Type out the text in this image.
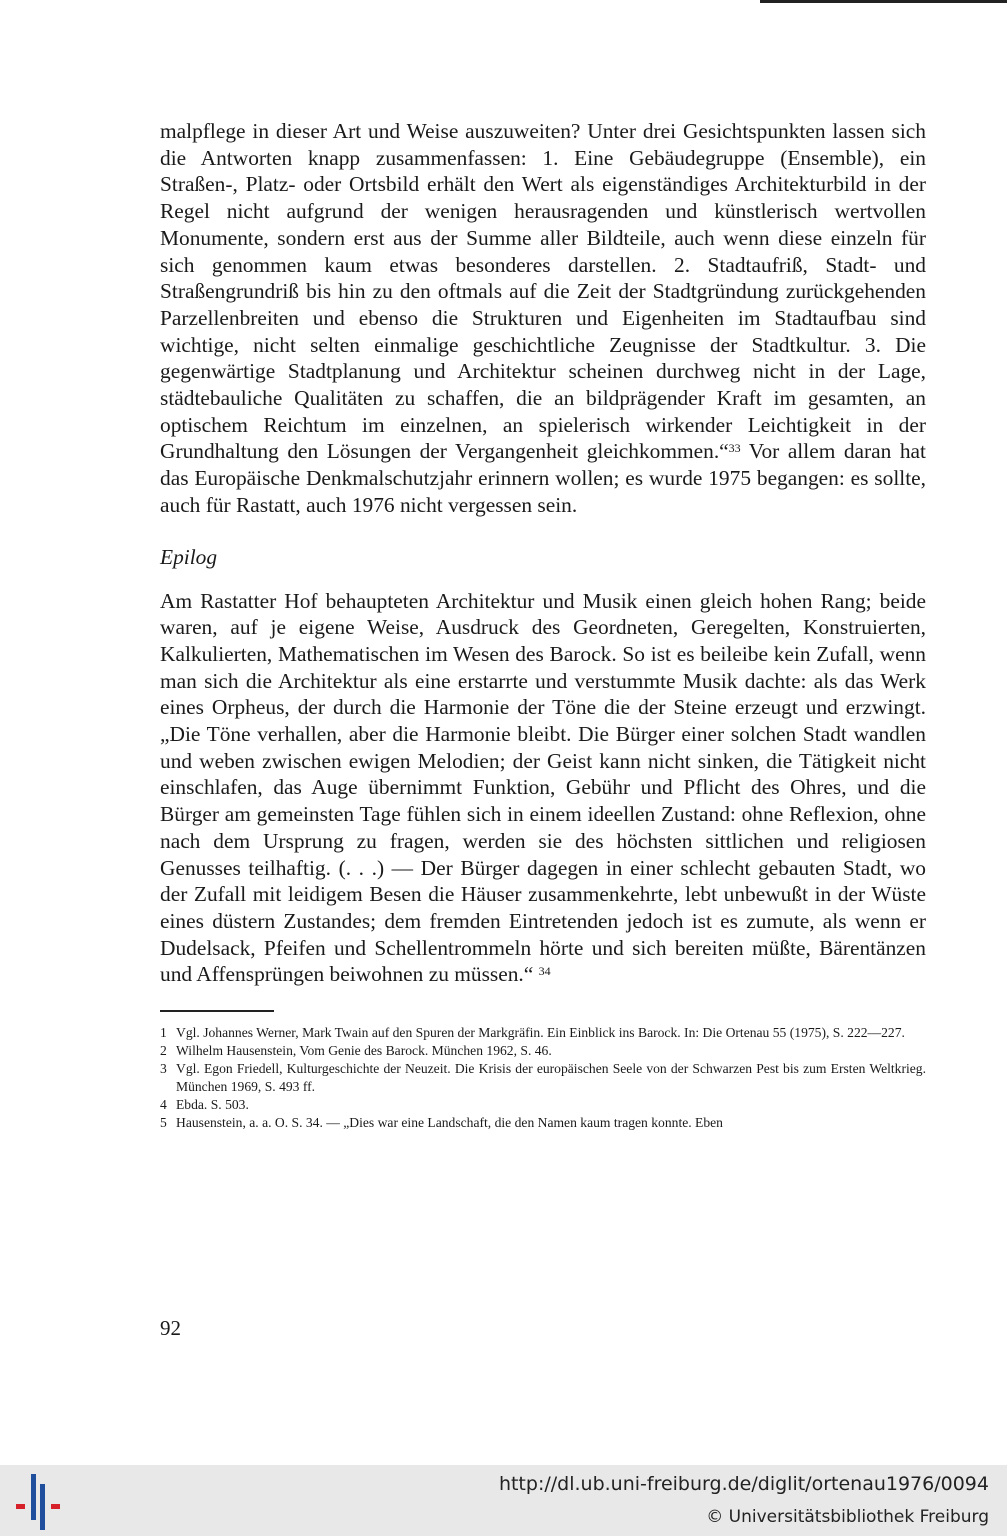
malpflege in dieser Art und Weise auszuweiten? Unter drei Gesichtspunkten lassen sich die Antworten knapp zusammenfassen: 1. Eine Gebäudegruppe (Ensemble), ein Straßen-, Platz- oder Ortsbild erhält den Wert als eigenständiges Architekturbild in der Regel nicht aufgrund der wenigen herausragenden und künstlerisch wertvollen Monumente, sondern erst aus der Summe aller Bildteile, auch wenn diese einzeln für sich genommen kaum etwas besonderes darstellen. 2. Stadtaufriß, Stadt- und Straßengrundriß bis hin zu den oftmals auf die Zeit der Stadtgründung zurückgehenden Parzellenbreiten und ebenso die Strukturen und Eigenheiten im Stadtaufbau sind wichtige, nicht selten einmalige geschichtliche Zeugnisse der Stadtkultur. 3. Die gegenwärtige Stadtplanung und Architektur scheinen durchweg nicht in der Lage, städtebauliche Qualitäten zu schaffen, die an bildprägender Kraft im gesamten, an optischem Reichtum im einzelnen, an spielerisch wirkender Leichtigkeit in der Grundhaltung den Lösungen der Vergangenheit gleichkommen.“$^{33}$ Vor allem daran hat das Europäische Denkmalschutzjahr erinnern wollen; es wurde 1975 begangen: es sollte, auch für Rastatt, auch 1976 nicht vergessen sein.

Epilog

Am Rastatter Hof behaupteten Architektur und Musik einen gleich hohen Rang; beide waren, auf je eigene Weise, Ausdruck des Geordneten, Geregelten, Konstruierten, Kalkulierten, Mathematischen im Wesen des Barock. So ist es beileibe kein Zufall, wenn man sich die Architektur als eine erstarrte und verstummte Musik dachte: als das Werk eines Orpheus, der durch die Harmonie der Töne die der Steine erzeugt und erzwingt. „Die Töne verhallen, aber die Harmonie bleibt. Die Bürger einer solchen Stadt wandlen und weben zwischen ewigen Melodien; der Geist kann nicht sinken, die Tätigkeit nicht einschlafen, das Auge übernimmt Funktion, Gebühr und Pflicht des Ohres, und die Bürger am gemeinsten Tage fühlen sich in einem ideellen Zustand: ohne Reflexion, ohne nach dem Ursprung zu fragen, werden sie des höchsten sittlichen und religiosen Genusses teilhaftig. (. . .) — Der Bürger dagegen in einer schlecht gebauten Stadt, wo der Zufall mit leidigem Besen die Häuser zusammenkehrte, lebt unbewußt in der Wüste eines düstern Zustandes; dem fremden Eintretenden jedoch ist es zumute, als wenn er Dudelsack, Pfeifen und Schellentrommeln hörte und sich bereiten müßte, Bärentänzen und Affensprüngen beiwohnen zu müssen.“ $^{34}$

1 Vgl. Johannes Werner, Mark Twain auf den Spuren der Markgräfin. Ein Einblick ins Barock. In: Die Ortenau 55 (1975), S. 222—227.
2 Wilhelm Hausenstein, Vom Genie des Barock. München 1962, S. 46.
3 Vgl. Egon Friedell, Kulturgeschichte der Neuzeit. Die Krisis der europäischen Seele von der Schwarzen Pest bis zum Ersten Weltkrieg. München 1969, S. 493 ff.
4 Ebda. S. 503.
5 Hausenstein, a. a. O. S. 34. — „Dies war eine Landschaft, die den Namen kaum tragen konnte. Eben
92
http://dl.ub.uni-freiburg.de/diglit/ortenau1976/0094
© Universitätsbibliothek Freiburg
